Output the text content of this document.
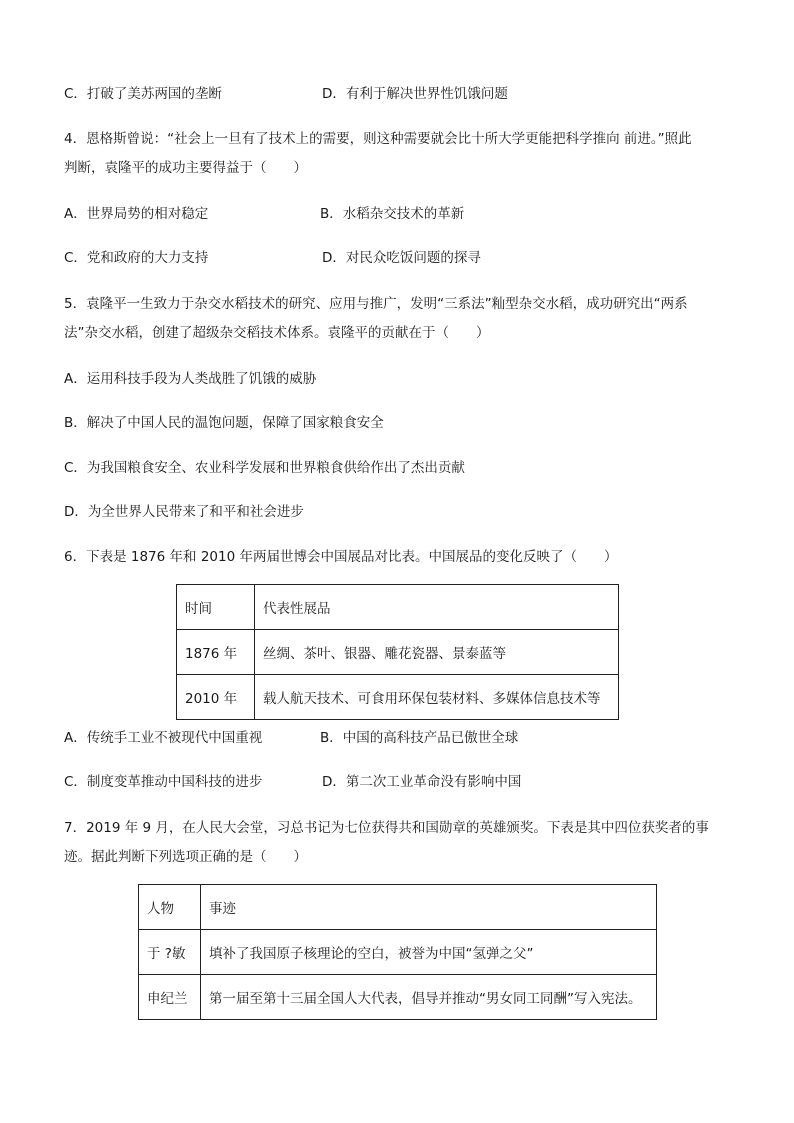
C．打破了美苏两国的垄断	D．有利于解决世界性饥饿问题
4．恩格斯曾说：“社会上一旦有了技术上的需要，则这种需要就会比十所大学更能把科学推向 前进。”照此
判断，袁隆平的成功主要得益于（　　）
A．世界局势的相对稳定	B．水稻杂交技术的革新
C．党和政府的大力支持	D．对民众吃饭问题的探寻
5．袁隆平一生致力于杂交水稻技术的研究、应用与推广，发明“三系法”籼型杂交水稻，成功研究出“两系
法”杂交水稻，创建了超级杂交稻技术体系。袁隆平的贡献在于（　　）
A．运用科技手段为人类战胜了饥饿的威胁
B．解决了中国人民的温饱问题，保障了国家粮食安全
C．为我国粮食安全、农业科学发展和世界粮食供给作出了杰出贡献
D．为全世界人民带来了和平和社会进步
6．下表是 1876 年和 2010 年两届世博会中国展品对比表。中国展品的变化反映了（　　）
时间	代表性展品
1876 年	丝绸、茶叶、银器、雕花瓷器、景泰蓝等
2010 年	载人航天技术、可食用环保包装材料、多媒体信息技术等
A．传统手工业不被现代中国重视	B．中国的高科技产品已傲世全球
C．制度变革推动中国科技的进步	D．第二次工业革命没有影响中国
7．2019 年 9 月，在人民大会堂，习总书记为七位获得共和国勋章的英雄颁奖。下表是其中四位获奖者的事
迹。据此判断下列选项正确的是（　　）
人物	事迹
于 ?敏	填补了我国原子核理论的空白，被誉为中国“氢弹之父”
申纪兰	第一届至第十三届全国人大代表，倡导并推动“男女同工同酬”写入宪法。
